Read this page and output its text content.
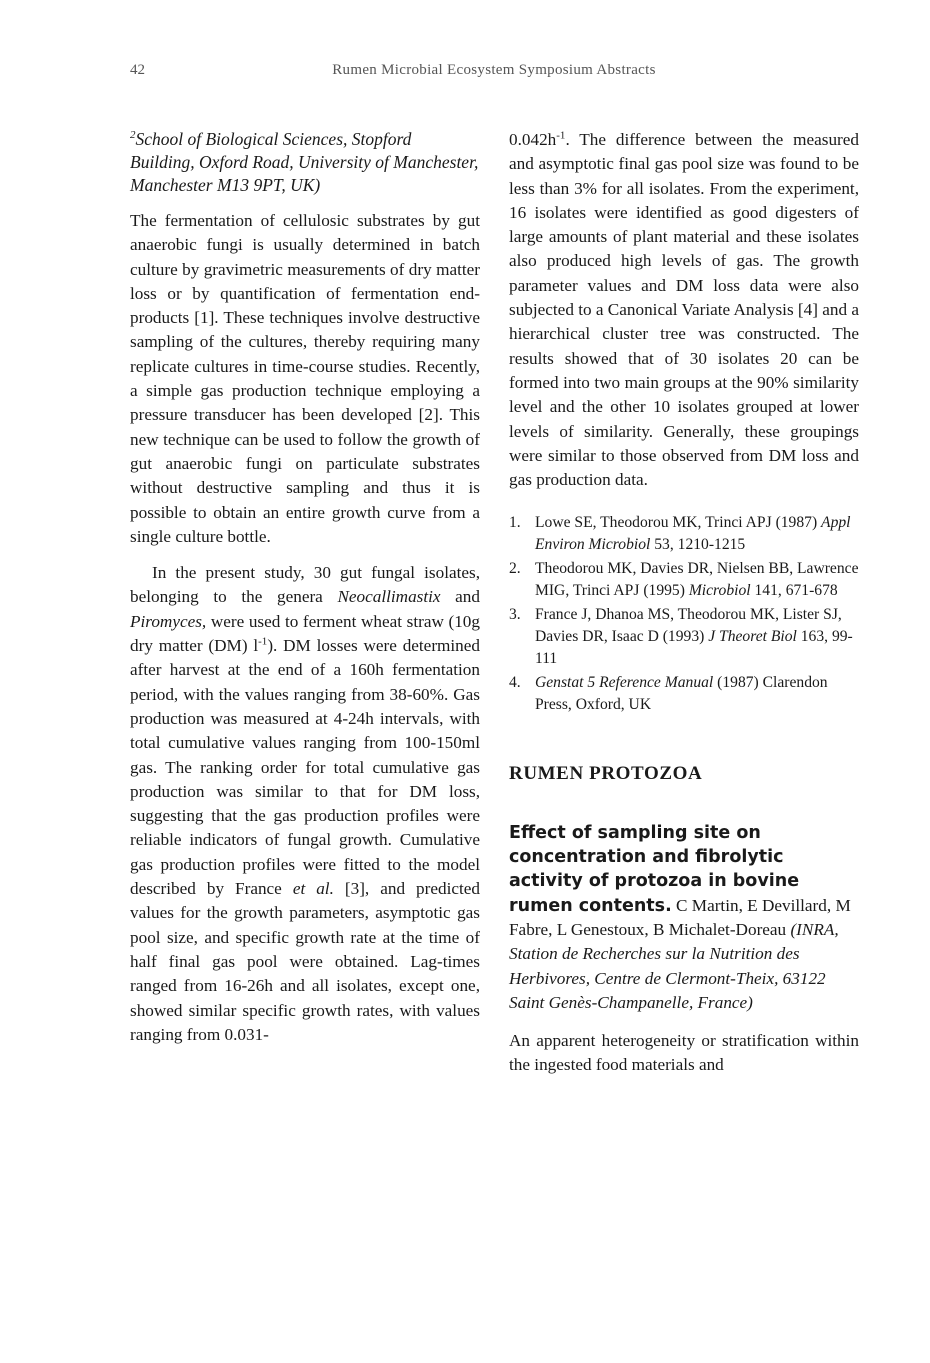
42	Rumen Microbial Ecosystem Symposium Abstracts

$^2$School of Biological Sciences, Stopford Building, Oxford Road, University of Manchester, Manchester M13 9PT, UK)

The fermentation of cellulosic substrates by gut anaerobic fungi is usually determined in batch culture by gravimetric measurements of dry matter loss or by quantification of fermentation end-products [1]. These techniques involve destructive sampling of the cultures, thereby requiring many replicate cultures in time-course studies. Recently, a simple gas production technique employing a pressure transducer has been developed [2]. This new technique can be used to follow the growth of gut anaerobic fungi on particulate substrates without destructive sampling and thus it is possible to obtain an entire growth curve from a single culture bottle.

In the present study, 30 gut fungal isolates, belonging to the genera Neocallimastix and Piromyces, were used to ferment wheat straw (10g dry matter (DM) $l^{-1}$). DM losses were determined after harvest at the end of a 160h fermentation period, with the values ranging from 38-60%. Gas production was measured at 4-24h intervals, with total cumulative values ranging from 100-150ml gas. The ranking order for total cumulative gas production was similar to that for DM loss, suggesting that the gas production profiles were reliable indicators of fungal growth. Cumulative gas production profiles were fitted to the model described by France et al. [3], and predicted values for the growth parameters, asymptotic gas pool size, and specific growth rate at the time of half final gas pool were obtained. Lag-times ranged from 16-26h and all isolates, except one, showed similar specific growth rates, with values ranging from 0.031-

$0.042h^{-1}$. The difference between the measured and asymptotic final gas pool size was found to be less than 3% for all isolates. From the experiment, 16 isolates were identified as good digesters of large amounts of plant material and these isolates also produced high levels of gas. The growth parameter values and DM loss data were also subjected to a Canonical Variate Analysis [4] and a hierarchical cluster tree was constructed. The results showed that of 30 isolates 20 can be formed into two main groups at the 90% similarity level and the other 10 isolates grouped at lower levels of similarity. Generally, these groupings were similar to those observed from DM loss and gas production data.

1. Lowe SE, Theodorou MK, Trinci APJ (1987) Appl Environ Microbiol 53, 1210-1215
2. Theodorou MK, Davies DR, Nielsen BB, Lawrence MIG, Trinci APJ (1995) Microbiol 141, 671-678
3. France J, Dhanoa MS, Theodorou MK, Lister SJ, Davies DR, Isaac D (1993) J Theoret Biol 163, 99-111
4. Genstat 5 Reference Manual (1987) Clarendon Press, Oxford, UK
RUMEN PROTOZOA

Effect of sampling site on concentration and fibrolytic activity of protozoa in bovine rumen contents. C Martin, E Devillard, M Fabre, L Genestoux, B Michalet-Doreau (INRA, Station de Recherches sur la Nutrition des Herbivores, Centre de Clermont-Theix, 63122 Saint Genès-Champanelle, France)

An apparent heterogeneity or stratification within the ingested food materials and
